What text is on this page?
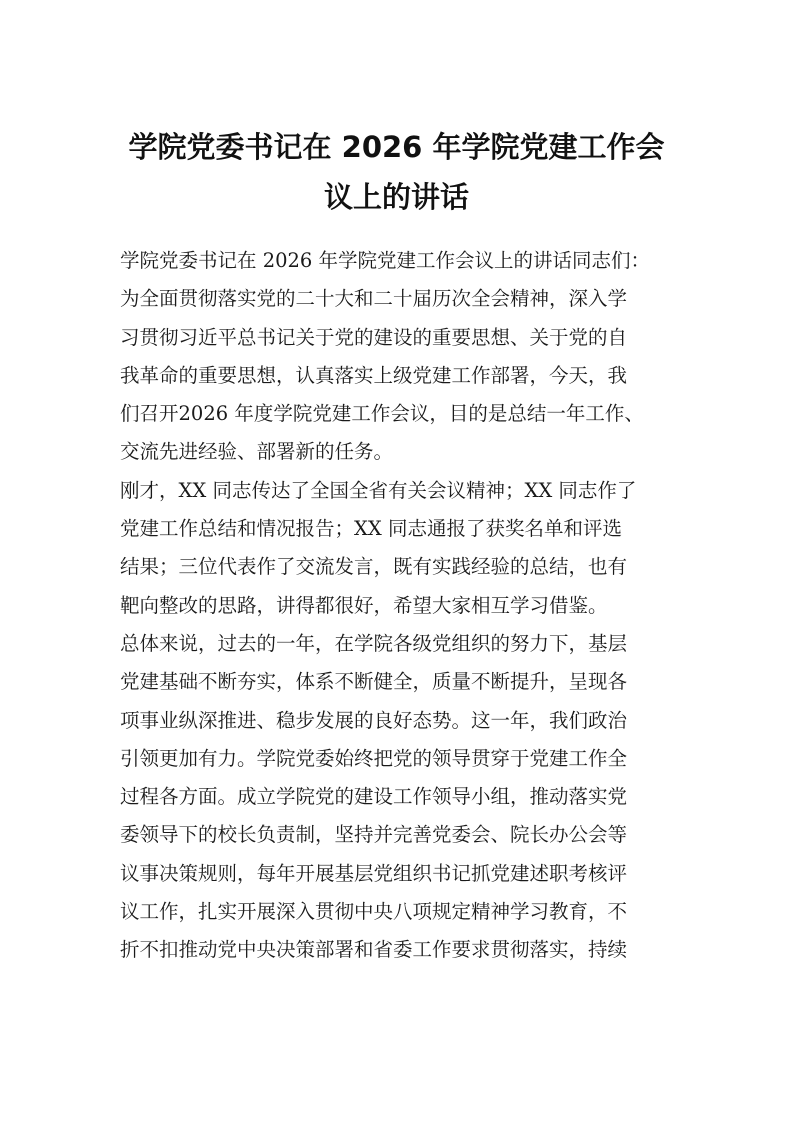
学院党委书记在 2026 年学院党建工作会
议上的讲话
学院党委书记在 2026 年学院党建工作会议上的讲话同志们：
为全面贯彻落实党的二十大和二十届历次全会精神，深入学
习贯彻习近平总书记关于党的建设的重要思想、关于党的自
我革命的重要思想，认真落实上级党建工作部署，今天，我
们召开2026 年度学院党建工作会议，目的是总结一年工作、
交流先进经验、部署新的任务。
刚才，XX 同志传达了全国全省有关会议精神；XX 同志作了
党建工作总结和情况报告；XX 同志通报了获奖名单和评选
结果；三位代表作了交流发言，既有实践经验的总结，也有
靶向整改的思路，讲得都很好，希望大家相互学习借鉴。
总体来说，过去的一年，在学院各级党组织的努力下，基层
党建基础不断夯实，体系不断健全，质量不断提升，呈现各
项事业纵深推进、稳步发展的良好态势。这一年，我们政治
引领更加有力。学院党委始终把党的领导贯穿于党建工作全
过程各方面。成立学院党的建设工作领导小组，推动落实党
委领导下的校长负责制，坚持并完善党委会、院长办公会等
议事决策规则，每年开展基层党组织书记抓党建述职考核评
议工作，扎实开展深入贯彻中央八项规定精神学习教育，不
折不扣推动党中央决策部署和省委工作要求贯彻落实，持续
